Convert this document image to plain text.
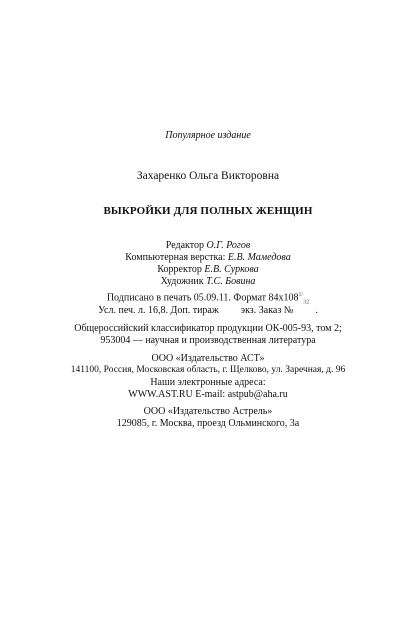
Популярное издание
Захаренко Ольга Викторовна
ВЫКРОЙКИ ДЛЯ ПОЛНЫХ ЖЕНЩИН
Редактор О.Г. Рогов
Компьютерная верстка: Е.В. Мамедова
Корректор Е.В. Суркова
Художник Т.С. Бовина
Подписано в печать 05.09.11. Формат $84x108^{1/}_{32}$
Усл. печ. л. 16,8. Доп. тираж экз. Заказ № .
Общероссийский классификатор продукции ОК-005-93, том 2;
953004 — научная и производственная литература
ООО «Издательство АСТ»
141100, Россия, Московская область, г. Щелково, ул. Заречная, д. 96
Наши электронные адреса:
WWW.AST.RU E-mail: astpub@aha.ru
ООО «Издательство Астрель»
129085, г. Москва, проезд Ольминского, 3а
